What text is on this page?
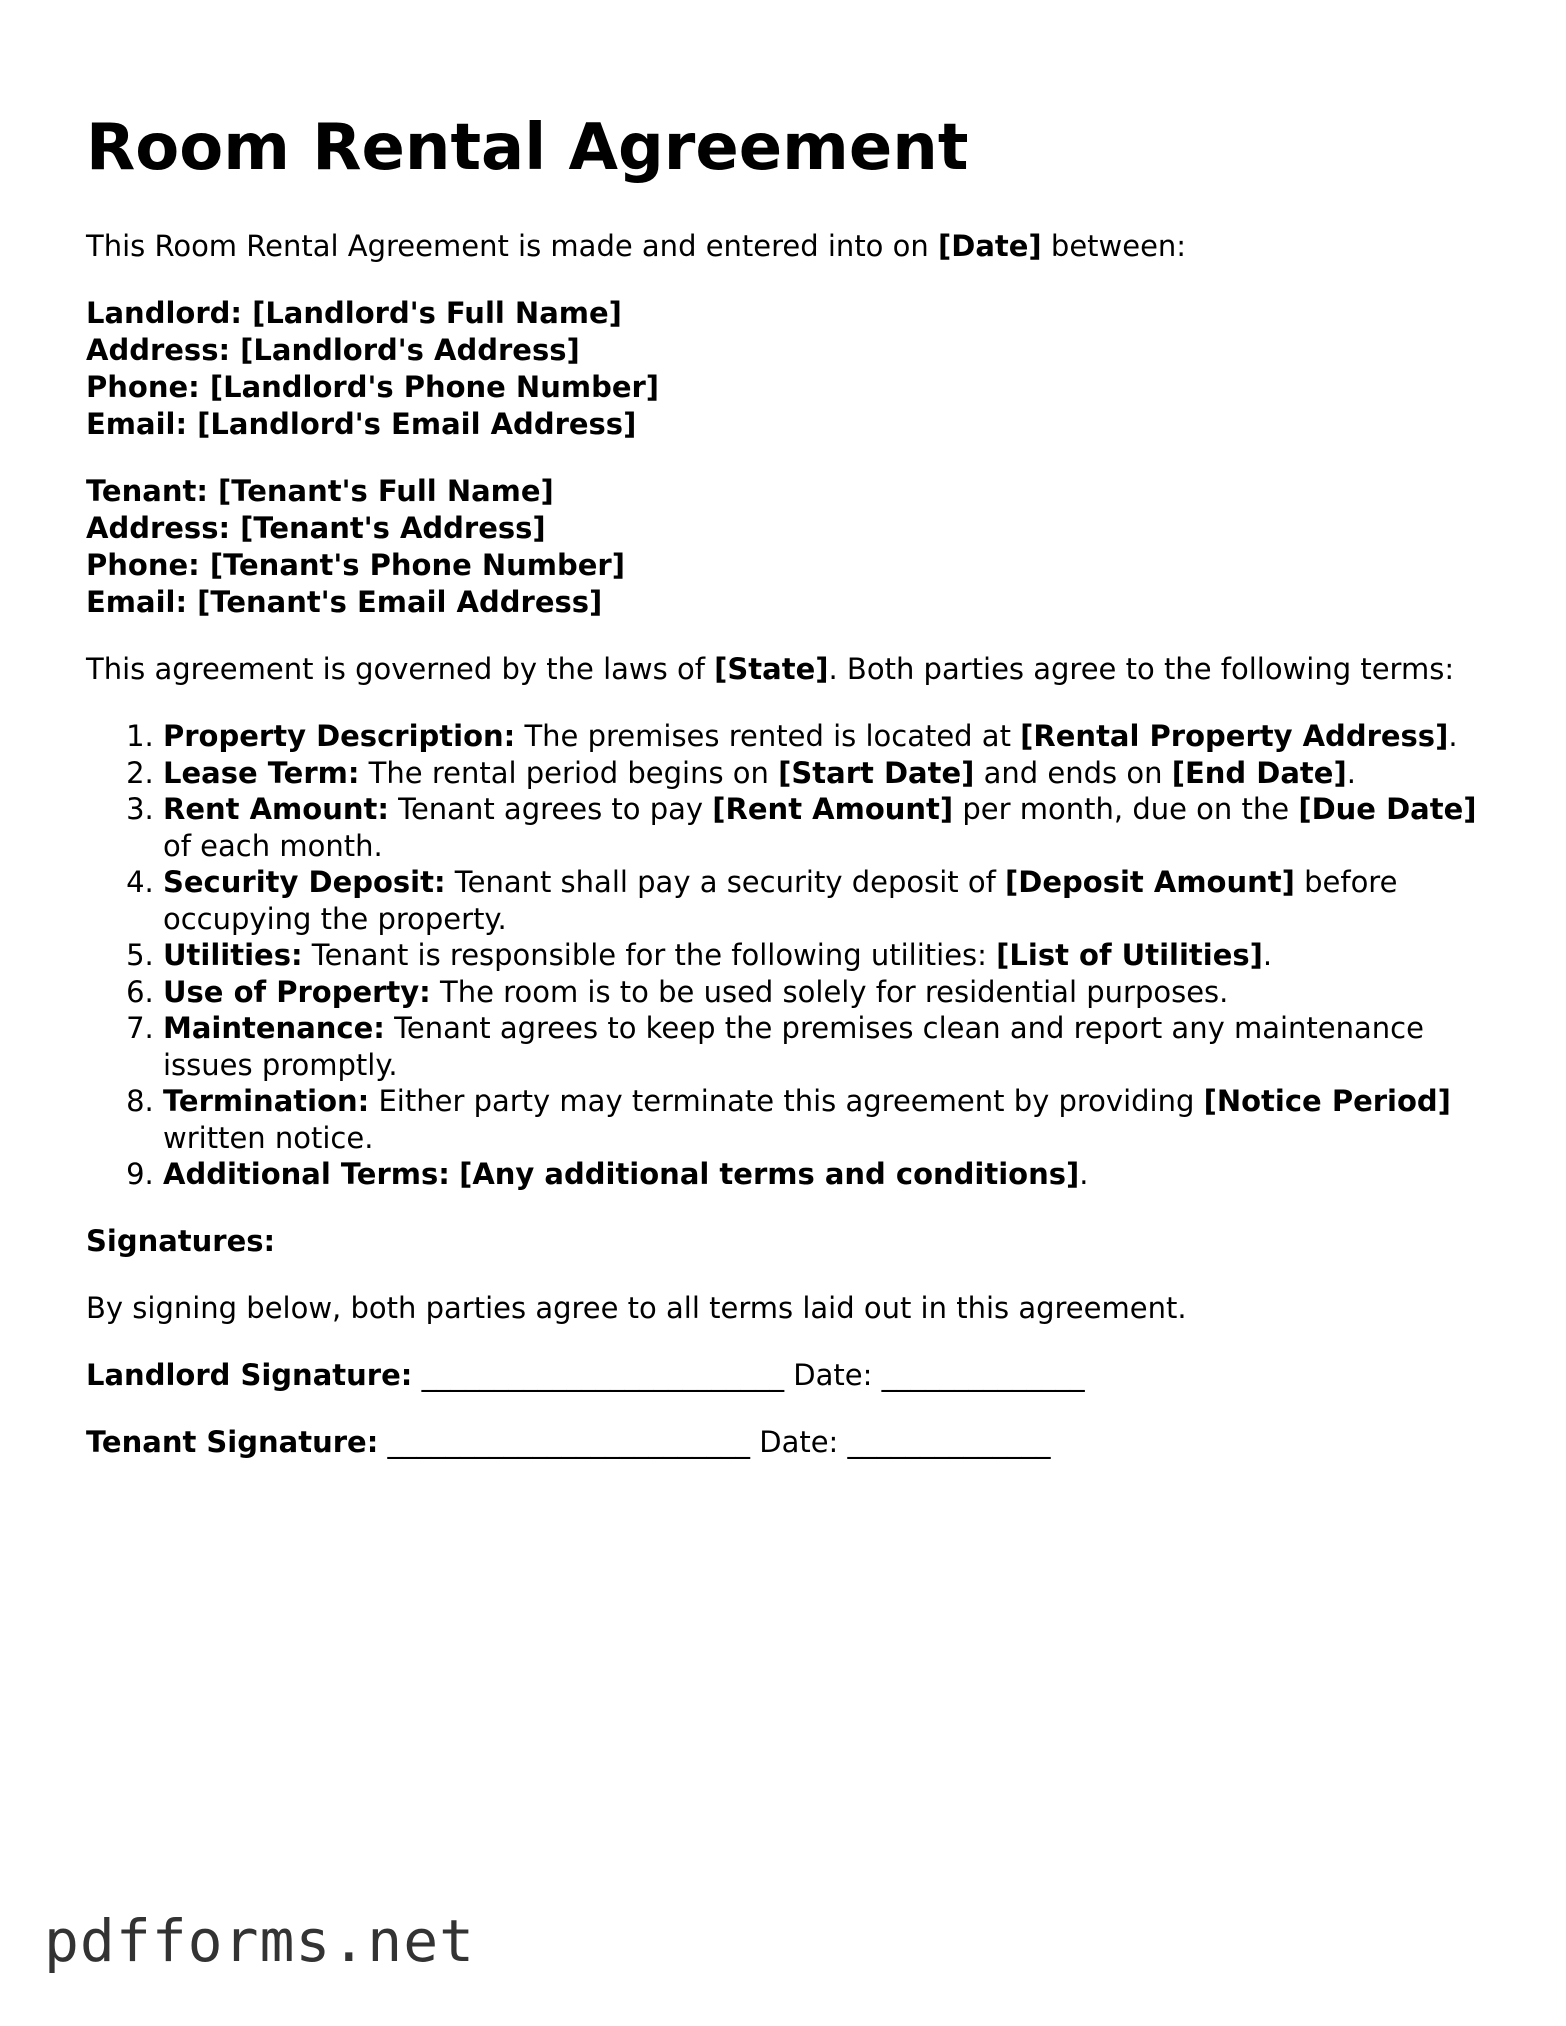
Room Rental Agreement

This Room Rental Agreement is made and entered into on [Date] between:

Landlord: [Landlord's Full Name]
Address: [Landlord's Address]
Phone: [Landlord's Phone Number]
Email: [Landlord's Email Address]
Tenant: [Tenant's Full Name]
Address: [Tenant's Address]
Phone: [Tenant's Phone Number]
Email: [Tenant's Email Address]

This agreement is governed by the laws of [State]. Both parties agree to the following terms:

1. Property Description: The premises rented is located at [Rental Property Address].
2. Lease Term: The rental period begins on [Start Date] and ends on [End Date].
3. Rent Amount: Tenant agrees to pay [Rent Amount] per month, due on the [Due Date] of each month.
4. Security Deposit: Tenant shall pay a security deposit of [Deposit Amount] before occupying the property.
5. Utilities: Tenant is responsible for the following utilities: [List of Utilities].
6. Use of Property: The room is to be used solely for residential purposes.
7. Maintenance: Tenant agrees to keep the premises clean and report any maintenance issues promptly.
8. Termination: Either party may terminate this agreement by providing [Notice Period] written notice.
9. Additional Terms: [Any additional terms and conditions].

Signatures:

By signing below, both parties agree to all terms laid out in this agreement.

Landlord Signature: _________________________ Date: ______________

Tenant Signature: _________________________ Date: ______________

pdfforms.net
